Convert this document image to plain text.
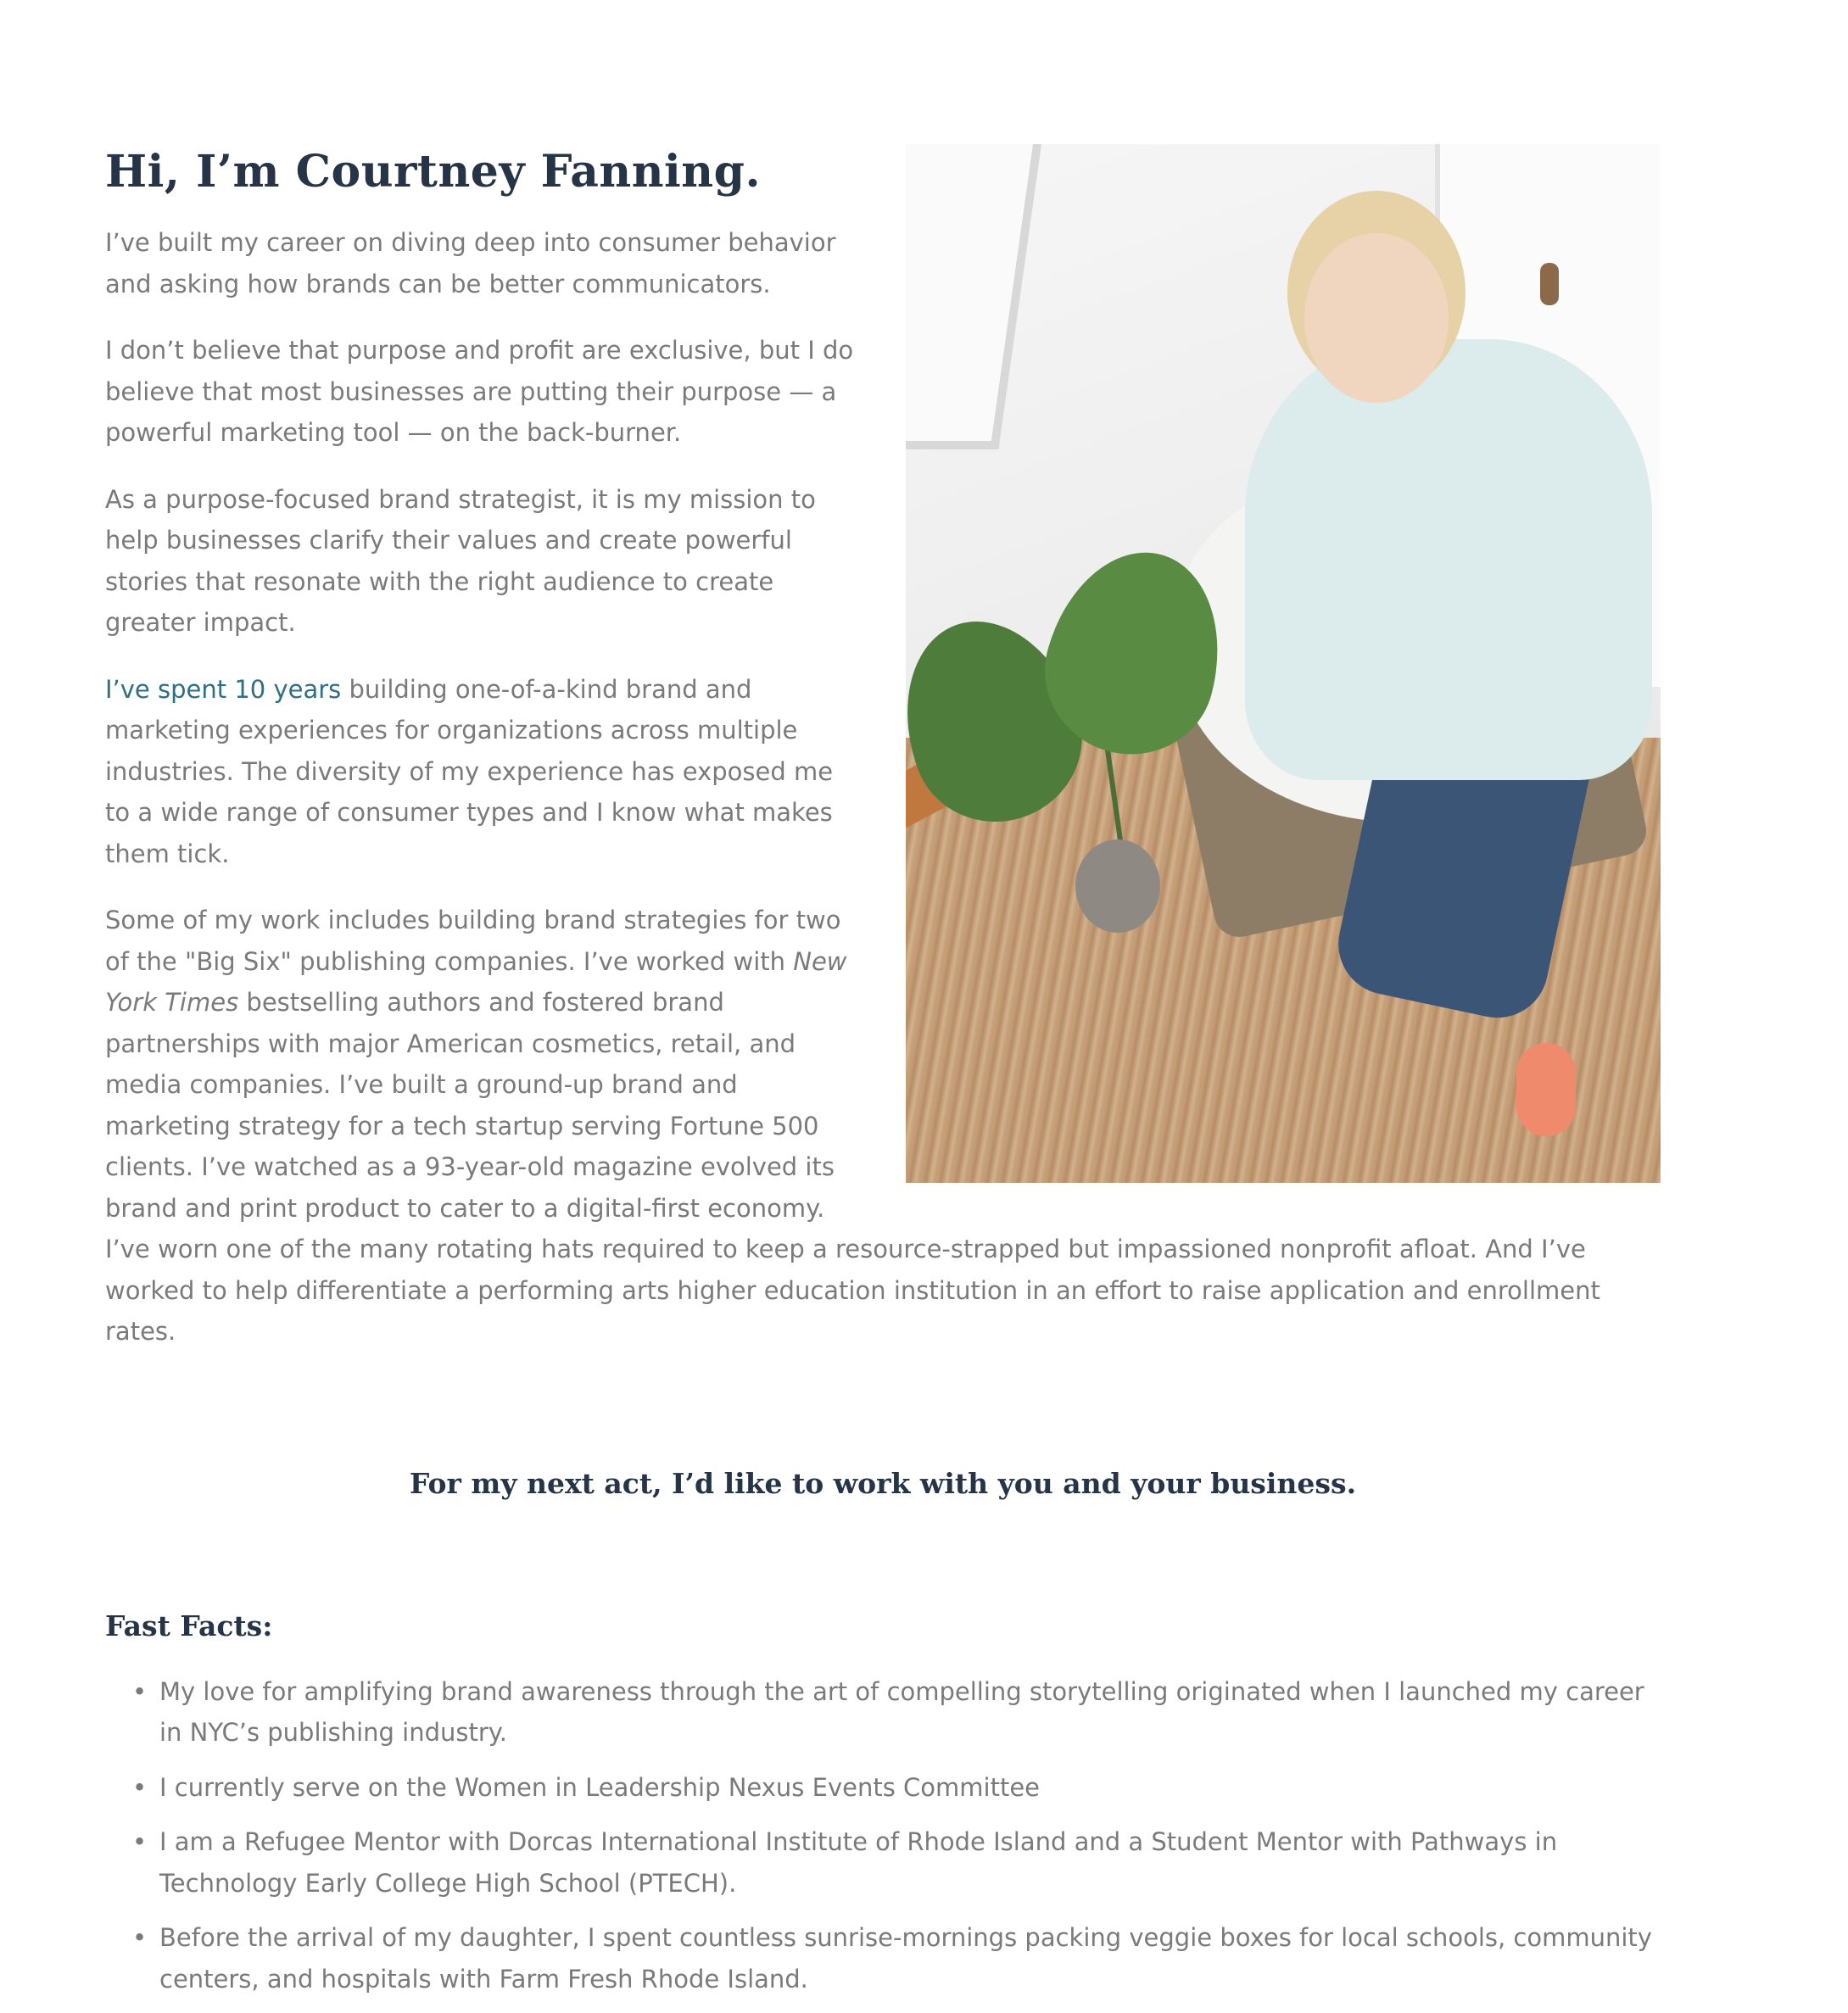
Hi, I’m Courtney Fanning.

I’ve built my career on diving deep into consumer behavior and asking how brands can be better communicators.

I don’t believe that purpose and profit are exclusive, but I do believe that most businesses are putting their purpose — a powerful marketing tool — on the back-burner.

As a purpose-focused brand strategist, it is my mission to help businesses clarify their values and create powerful stories that resonate with the right audience to create greater impact.

I’ve spent 10 years building one-of-a-kind brand and marketing experiences for organizations across multiple industries. The diversity of my experience has exposed me to a wide range of consumer types and I know what makes them tick.

Some of my work includes building brand strategies for two of the "Big Six" publishing companies. I’ve worked with New York Times bestselling authors and fostered brand partnerships with major American cosmetics, retail, and media companies. I’ve built a ground-up brand and marketing strategy for a tech startup serving Fortune 500 clients. I’ve watched as a 93-year-old magazine evolved its brand and print product to cater to a digital-first economy. I’ve worn one of the many rotating hats required to keep a resource-strapped but impassioned nonprofit afloat. And I’ve worked to help differentiate a performing arts higher education institution in an effort to raise application and enrollment rates.

For my next act, I’d like to work with you and your business.

Fast Facts:
• My love for amplifying brand awareness through the art of compelling storytelling originated when I launched my career in NYC’s publishing industry.
• I currently serve on the Women in Leadership Nexus Events Committee
• I am a Refugee Mentor with Dorcas International Institute of Rhode Island and a Student Mentor with Pathways in Technology Early College High School (PTECH).
• Before the arrival of my daughter, I spent countless sunrise-mornings packing veggie boxes for local schools, community centers, and hospitals with Farm Fresh Rhode Island.
